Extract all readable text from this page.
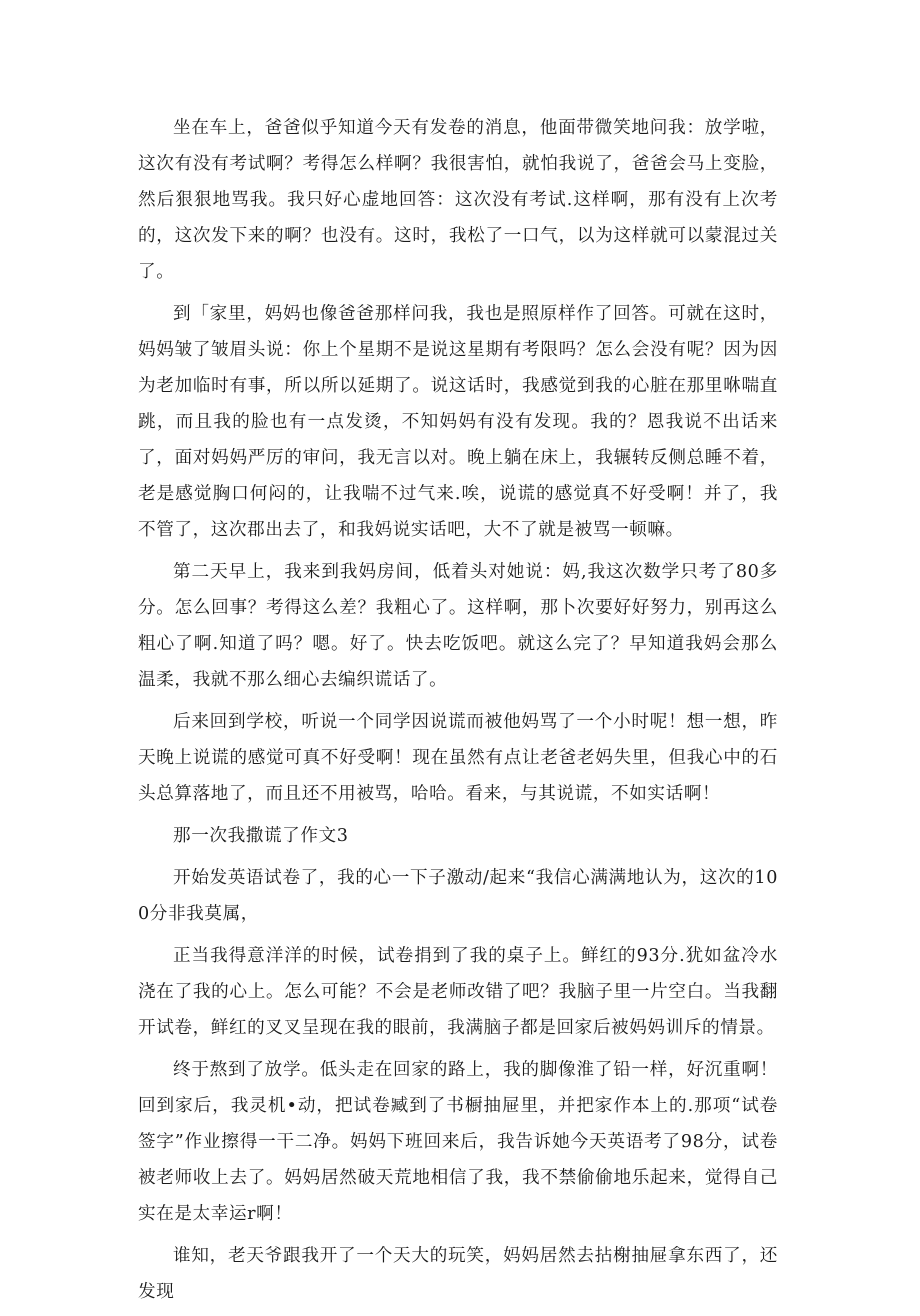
坐在车上，爸爸似乎知道今天有发卷的消息，他面带微笑地问我：放学啦，这次有没有考试啊？考得怎么样啊？我很害怕，就怕我说了，爸爸会马上变脸，然后狠狠地骂我。我只好心虚地回答：这次没有考试.这样啊，那有没有上次考的，这次发下来的啊？也没有。这时，我松了一口气，以为这样就可以蒙混过关了。

到「家里，妈妈也像爸爸那样问我，我也是照原样作了回答。可就在这时，妈妈皱了皱眉头说：你上个星期不是说这星期有考限吗？怎么会没有呢？因为因为老加临时有事，所以所以延期了。说这话时，我感觉到我的心脏在那里咻喘直跳，而且我的脸也有一点发烫，不知妈妈有没有发现。我的？恩我说不出话来了，面对妈妈严厉的审问，我无言以对。晚上躺在床上，我辗转反侧总睡不着，老是感觉胸口何闷的，让我喘不过气来.唉，说谎的感觉真不好受啊！并了，我不管了，这次郡出去了，和我妈说实话吧，大不了就是被骂一顿嘛。

第二天早上，我来到我妈房间，低着头对她说：妈,我这次数学只考了80多分。怎么回事？考得这么差？我粗心了。这样啊，那卜次要好好努力，别再这么粗心了啊.知道了吗？嗯。好了。快去吃饭吧。就这么完了？早知道我妈会那么温柔，我就不那么细心去编织谎话了。

后来回到学校，听说一个同学因说谎而被他妈骂了一个小时呢！想一想，昨天晚上说谎的感觉可真不好受啊！现在虽然有点让老爸老妈失里，但我心中的石头总算落地了，而且还不用被骂，哈哈。看来，与其说谎，不如实话啊！

那一次我撒谎了作文3

开始发英语试卷了，我的心一下子激动/起来“我信心满满地认为，这次的100分非我莫属，

正当我得意洋洋的时候，试卷捐到了我的桌子上。鲜红的93分.犹如盆冷水浇在了我的心上。怎么可能？不会是老师改错了吧？我脑子里一片空白。当我翻开试卷，鲜红的叉叉呈现在我的眼前，我满脑子都是回家后被妈妈训斥的情景。

终于熬到了放学。低头走在回家的路上，我的脚像淮了铅一样，好沉重啊！回到家后，我灵机•动，把试卷臧到了书橱抽屉里，并把家作本上的.那项“试卷签字”作业擦得一干二净。妈妈下班回来后，我告诉她今天英语考了98分，试卷被老师收上去了。妈妈居然破天荒地相信了我，我不禁偷偷地乐起来，觉得自己实在是太幸运r啊！

谁知，老天爷跟我开了一个天大的玩笑，妈妈居然去拈榭抽屉拿东西了，还发现
